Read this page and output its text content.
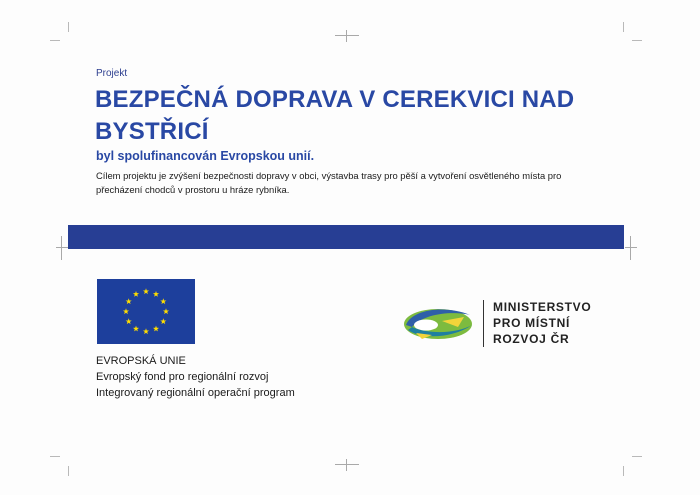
Projekt
BEZPEČNÁ DOPRAVA V CEREKVICI NAD BYSTŘICÍ
byl spolufinancován Evropskou unií.
Cílem projektu je zvýšení bezpečnosti dopravy v obci, výstavba trasy pro pěší a vytvoření osvětleného místa pro přecházení chodců v prostoru u hráze rybníka.
EVROPSKÁ UNIE
Evropský fond pro regionální rozvoj
Integrovaný regionální operační program
MINISTERSTVO
PRO MÍSTNÍ
ROZVOJ ČR
